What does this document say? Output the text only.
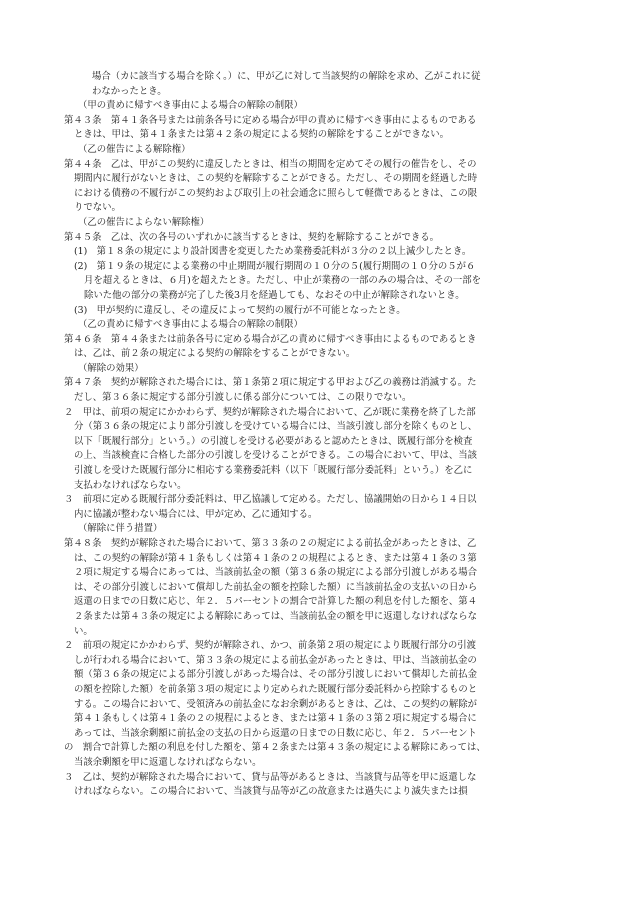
場合（カに該当する場合を除く。）に、甲が乙に対して当該契約の解除を求め、乙がこれに従
わなかったとき。
（甲の責めに帰すべき事由による場合の解除の制限）
第４３条　第４１条各号または前条各号に定める場合が甲の責めに帰すべき事由によるものである
ときは、甲は、第４１条または第４２条の規定による契約の解除をすることができない。
（乙の催告による解除権）
第４４条　乙は、甲がこの契約に違反したときは、相当の期間を定めてその履行の催告をし、その
期間内に履行がないときは、この契約を解除することができる。ただし、その期間を経過した時
における債務の不履行がこの契約および取引上の社会通念に照らして軽微であるときは、この限
りでない。
（乙の催告によらない解除権）
第４５条　乙は、次の各号のいずれかに該当するときは、契約を解除することができる。
(1)　第１８条の規定により設計図書を変更したため業務委託料が３分の２以上減少したとき。
(2)　第１９条の規定による業務の中止期間が履行期間の１０分の５(履行期間の１０分の５が６
月を超えるときは、６月)を超えたとき。ただし、中止が業務の一部のみの場合は、その一部を
除いた他の部分の業務が完了した後3月を経過しても、なおその中止が解除されないとき。
(3)　甲が契約に違反し、その違反によって契約の履行が不可能となったとき。
（乙の責めに帰すべき事由による場合の解除の制限）
第４６条　第４４条または前条各号に定める場合が乙の責めに帰すべき事由によるものであるとき
は、乙は、前２条の規定による契約の解除をすることができない。
（解除の効果）
第４７条　契約が解除された場合には、第１条第２項に規定する甲および乙の義務は消滅する。た
だし、第３６条に規定する部分引渡しに係る部分については、この限りでない。
２　甲は、前項の規定にかかわらず、契約が解除された場合において、乙が既に業務を終了した部
分（第３６条の規定により部分引渡しを受けている場合には、当該引渡し部分を除くものとし、
以下「既履行部分」という。）の引渡しを受ける必要があると認めたときは、既履行部分を検査
の上、当該検査に合格した部分の引渡しを受けることができる。この場合において、甲は、当該
引渡しを受けた既履行部分に相応する業務委託料（以下「既履行部分委託料」という。）を乙に
支払わなければならない。
３　前項に定める既履行部分委託料は、甲乙協議して定める。ただし、協議開始の日から１４日以
内に協議が整わない場合には、甲が定め、乙に通知する。
（解除に伴う措置）
第４８条　契約が解除された場合において、第３３条の２の規定による前払金があったときは、乙
は、この契約の解除が第４１条もしくは第４１条の２の規程によるとき、または第４１条の３第
２項に規定する場合にあっては、当該前払金の額（第３６条の規定による部分引渡しがある場合
は、その部分引渡しにおいて償却した前払金の額を控除した額）に当該前払金の支払いの日から
返還の日までの日数に応じ、年２．５パーセントの割合で計算した額の利息を付した額を、第４
２条または第４３条の規定による解除にあっては、当該前払金の額を甲に返還しなければならな
い。
２　前項の規定にかかわらず、契約が解除され、かつ、前条第２項の規定により既履行部分の引渡
しが行われる場合において、第３３条の規定による前払金があったときは、甲は、当該前払金の
額（第３６条の規定による部分引渡しがあった場合は、その部分引渡しにおいて償却した前払金
の額を控除した額）を前条第３項の規定により定められた既履行部分委託料から控除するものと
する。この場合において、受領済みの前払金になお余剰があるときは、乙は、この契約の解除が
第４１条もしくは第４１条の２の規程によるとき、または第４１条の３第２項に規定する場合に
あっては、当該余剰額に前払金の支払の日から返還の日までの日数に応じ、年２．５パーセント
の　割合で計算した額の利息を付した額を、第４２条または第４３条の規定による解除にあっては、
当該余剰額を甲に返還しなければならない。
３　乙は、契約が解除された場合において、貸与品等があるときは、当該貸与品等を甲に返還しな
ければならない。この場合において、当該貸与品等が乙の故意または過失により滅失または損
